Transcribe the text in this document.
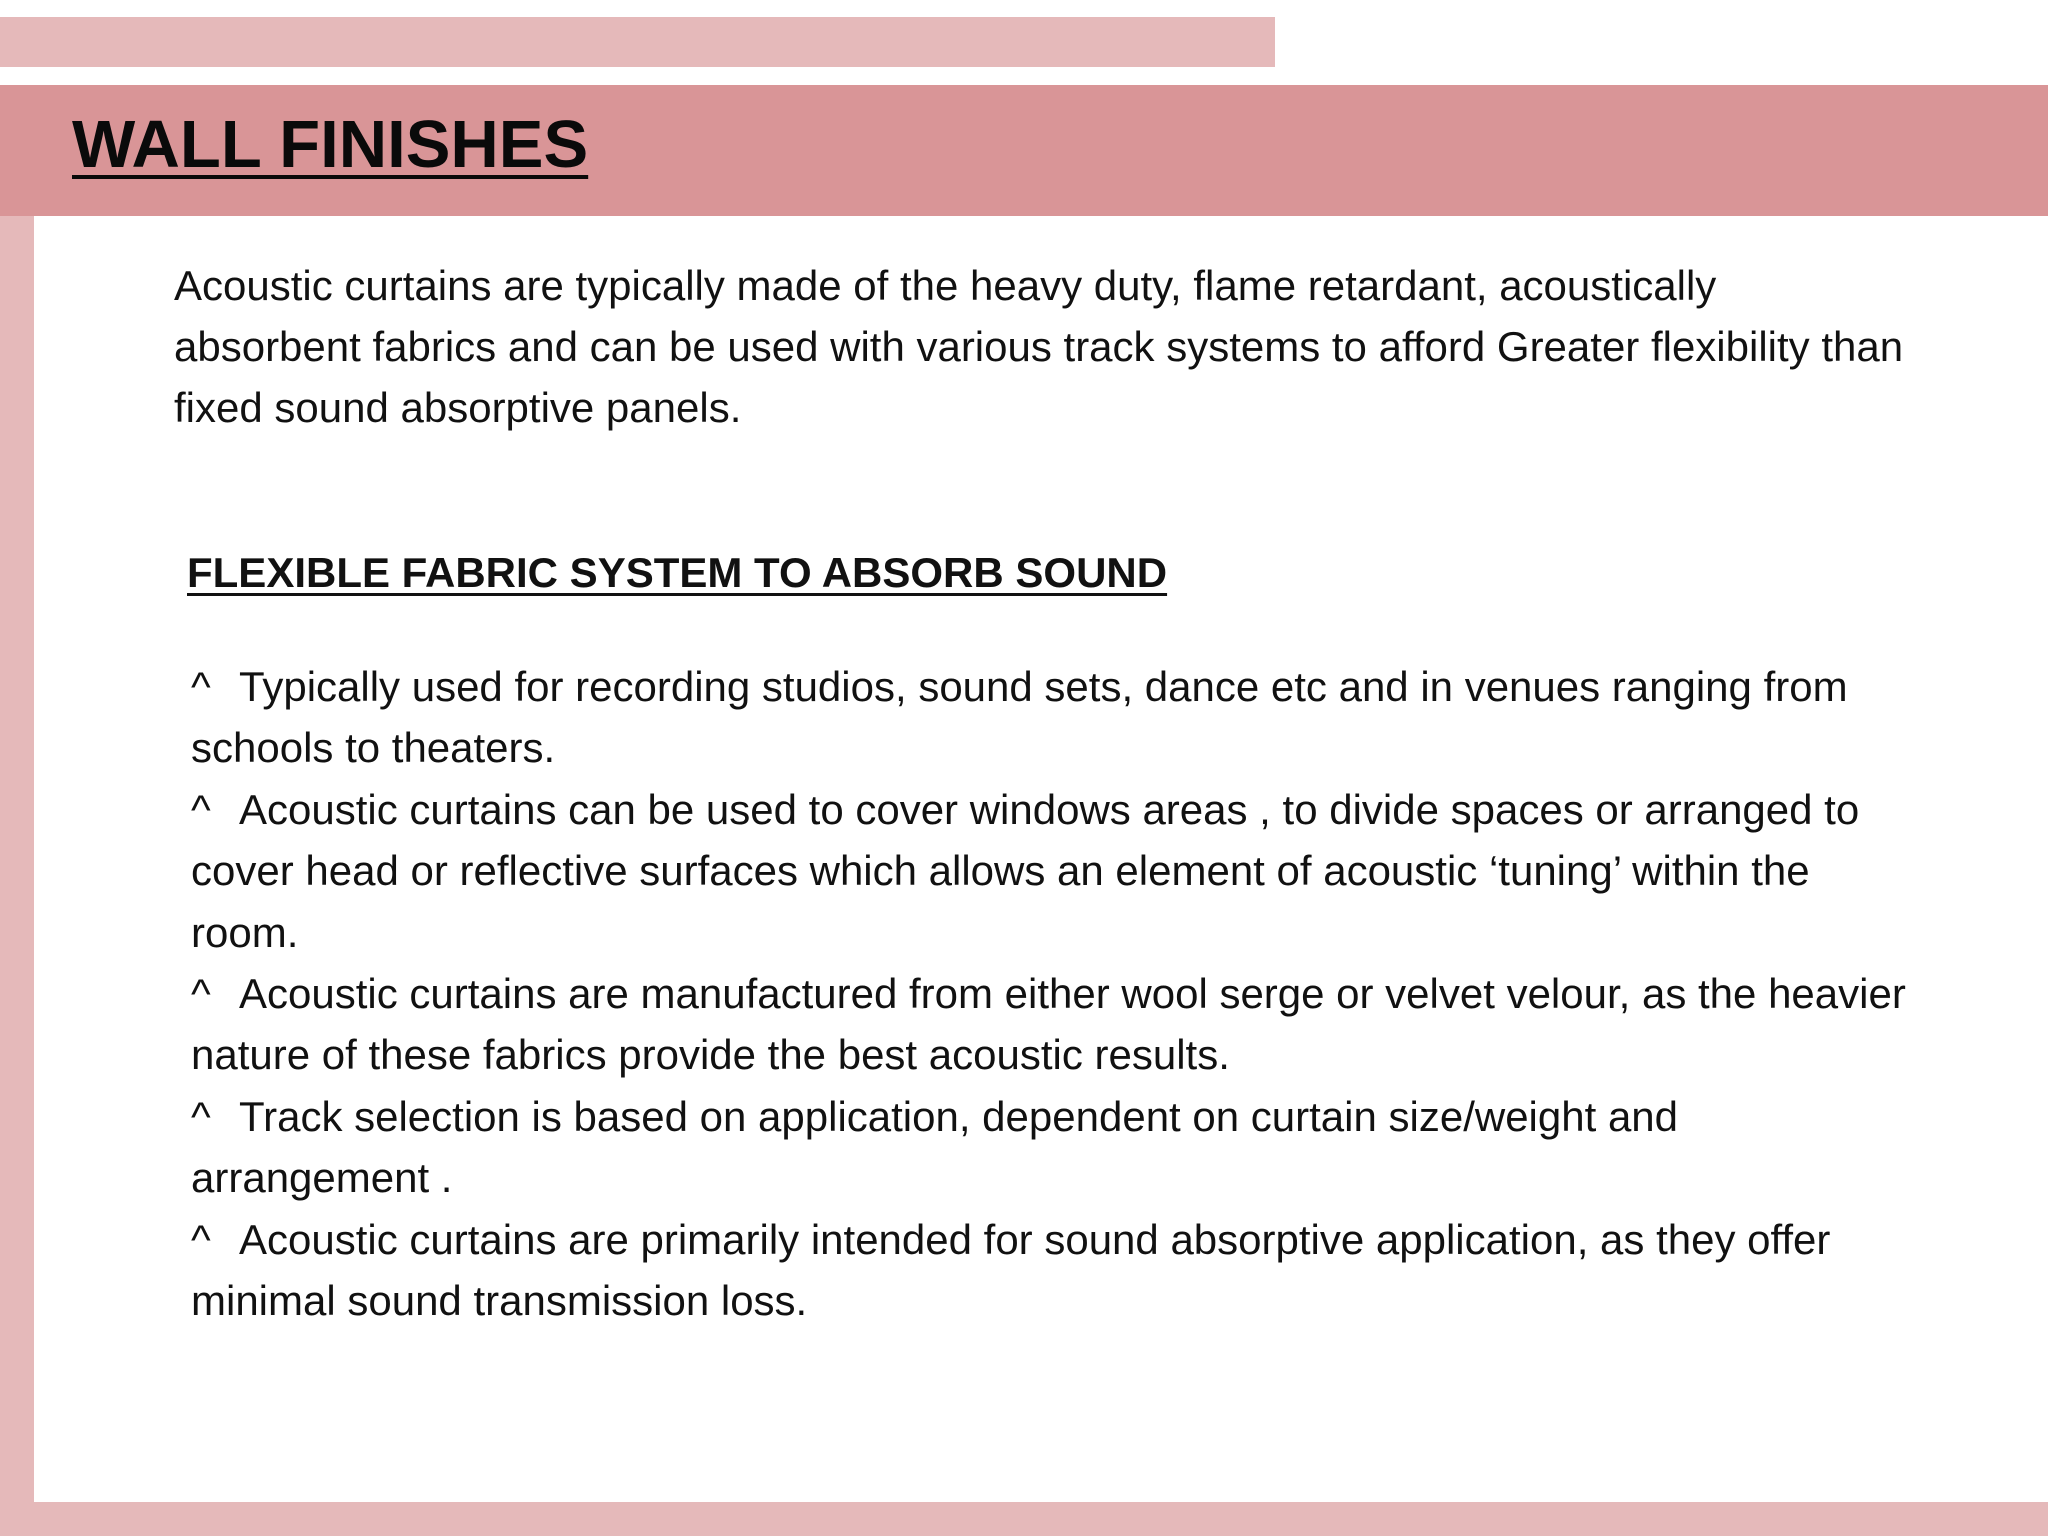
WALL FINISHES

Acoustic curtains are typically made of the heavy duty, flame retardant, acoustically absorbent fabrics and can be used with various track systems to afford Greater flexibility than fixed sound absorptive panels.

FLEXIBLE FABRIC SYSTEM TO ABSORB SOUND
^ Typically used for recording studios, sound sets, dance etc and in venues ranging from schools to theaters.
^ Acoustic curtains can be used to cover windows areas , to divide spaces or arranged to cover head or reflective surfaces which allows an element of acoustic ‘tuning’ within the room.
^ Acoustic curtains are manufactured from either wool serge or velvet velour, as the heavier nature of these fabrics provide the best acoustic results.
^ Track selection is based on application, dependent on curtain size/weight and arrangement .
^ Acoustic curtains are primarily intended for sound absorptive application, as they offer minimal sound transmission loss.
